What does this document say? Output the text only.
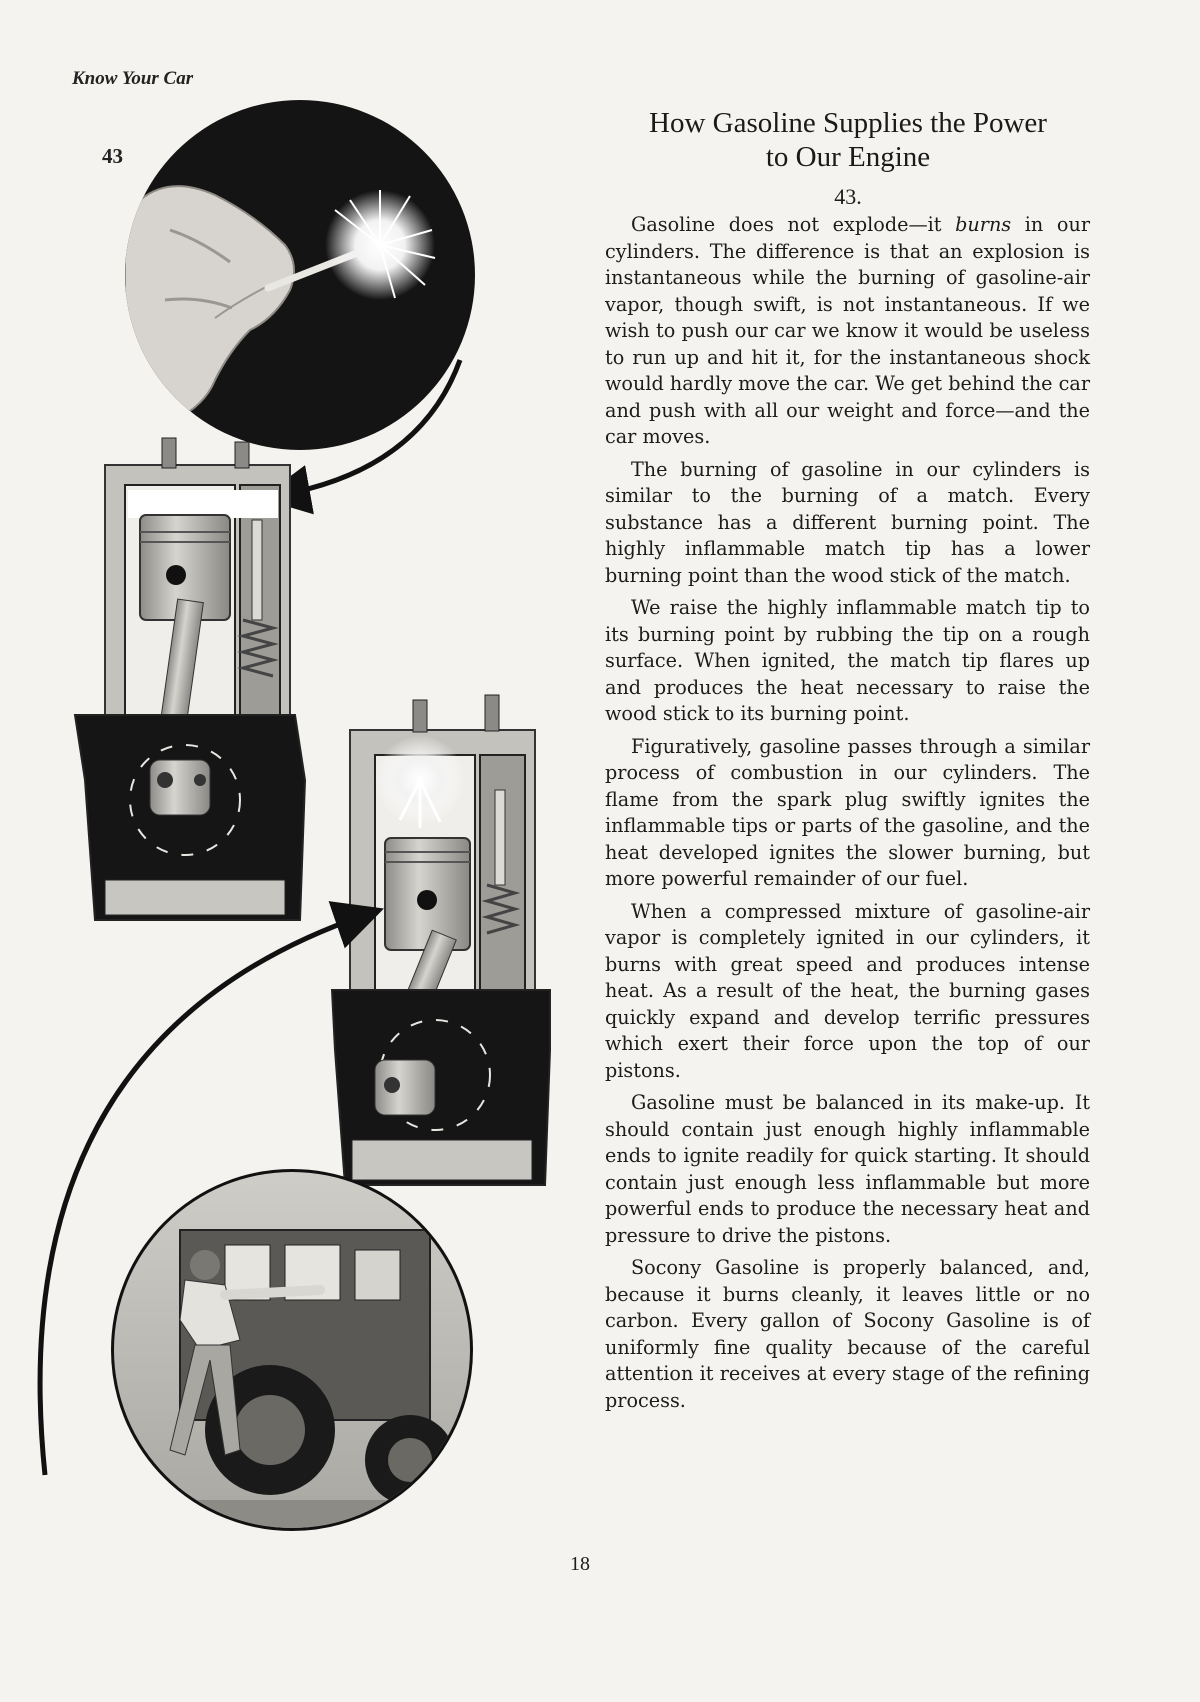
Know Your Car
43
How Gasoline Supplies the Power
to Our Engine
43.

Gasoline does not explode—it burns in our cylinders. The difference is that an explosion is instantaneous while the burning of gasoline-air vapor, though swift, is not instantaneous. If we wish to push our car we know it would be useless to run up and hit it, for the instantaneous shock would hardly move the car. We get behind the car and push with all our weight and force—and the car moves.

The burning of gasoline in our cylinders is similar to the burning of a match. Every substance has a different burning point. The highly inflammable match tip has a lower burning point than the wood stick of the match.

We raise the highly inflammable match tip to its burning point by rubbing the tip on a rough surface. When ignited, the match tip flares up and produces the heat necessary to raise the wood stick to its burning point.

Figuratively, gasoline passes through a similar process of combustion in our cylinders. The flame from the spark plug swiftly ignites the inflammable tips or parts of the gasoline, and the heat developed ignites the slower burning, but more powerful remainder of our fuel.

When a compressed mixture of gasoline-air vapor is completely ignited in our cylinders, it burns with great speed and produces intense heat. As a result of the heat, the burning gases quickly expand and develop terrific pressures which exert their force upon the top of our pistons.

Gasoline must be balanced in its make-up. It should contain just enough highly inflammable ends to ignite readily for quick starting. It should contain just enough less inflammable but more powerful ends to produce the necessary heat and pressure to drive the pistons.

Socony Gasoline is properly balanced, and, because it burns cleanly, it leaves little or no carbon. Every gallon of Socony Gasoline is of uniformly fine quality because of the careful attention it receives at every stage of the refining process.

18
